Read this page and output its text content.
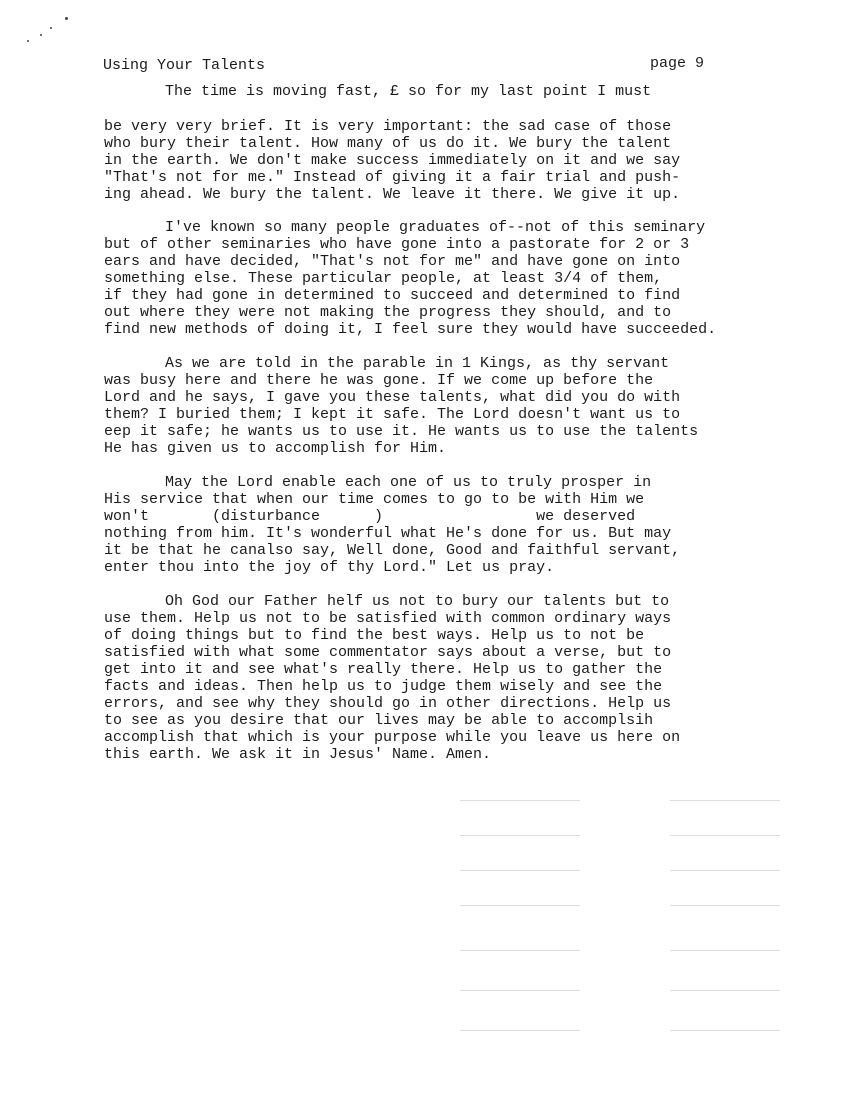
Using Your Talents	page 9
The time is moving fast, £ so for my last point I must
be very very brief. It is very important: the sad case of those
who bury their talent. How many of us do it. We bury the talent
in the earth. We don't make success immediately on it and we say
"That's not for me." Instead of giving it a fair trial and push-
ing ahead. We bury the talent. We leave it there. We give it up.
I've known so many people graduates of--not of this seminary
but of other seminaries who have gone into a pastorate for 2 or 3
ears and have decided, "That's not for me" and have gone on into
something else. These particular people, at least 3/4 of them,
if they had gone in determined to succeed and determined to find
out where they were not making the progress they should, and to
find new methods of doing it, I feel sure they would have succeeded.
As we are told in the parable in 1 Kings, as thy servant
was busy here and there he was gone. If we come up before the
Lord and he says, I gave you these talents, what did you do with
them? I buried them; I kept it safe. The Lord doesn't want us to
eep it safe; he wants us to use it. He wants us to use the talents
He has given us to accomplish for Him.
May the Lord enable each one of us to truly prosper in
His service that when our time comes to go to be with Him we
won't       (disturbance      )                 we deserved
nothing from him. It's wonderful what He's done for us. But may
it be that he canalso say, Well done, Good and faithful servant,
enter thou into the joy of thy Lord." Let us pray.
Oh God our Father helf us not to bury our talents but to
use them. Help us not to be satisfied with common ordinary ways
of doing things but to find the best ways. Help us to not be
satisfied with what some commentator says about a verse, but to
get into it and see what's really there. Help us to gather the
facts and ideas. Then help us to judge them wisely and see the
errors, and see why they should go in other directions. Help us
to see as you desire that our lives may be able to accomplsih
accomplish that which is your purpose while you leave us here on
this earth. We ask it in Jesus' Name. Amen.
